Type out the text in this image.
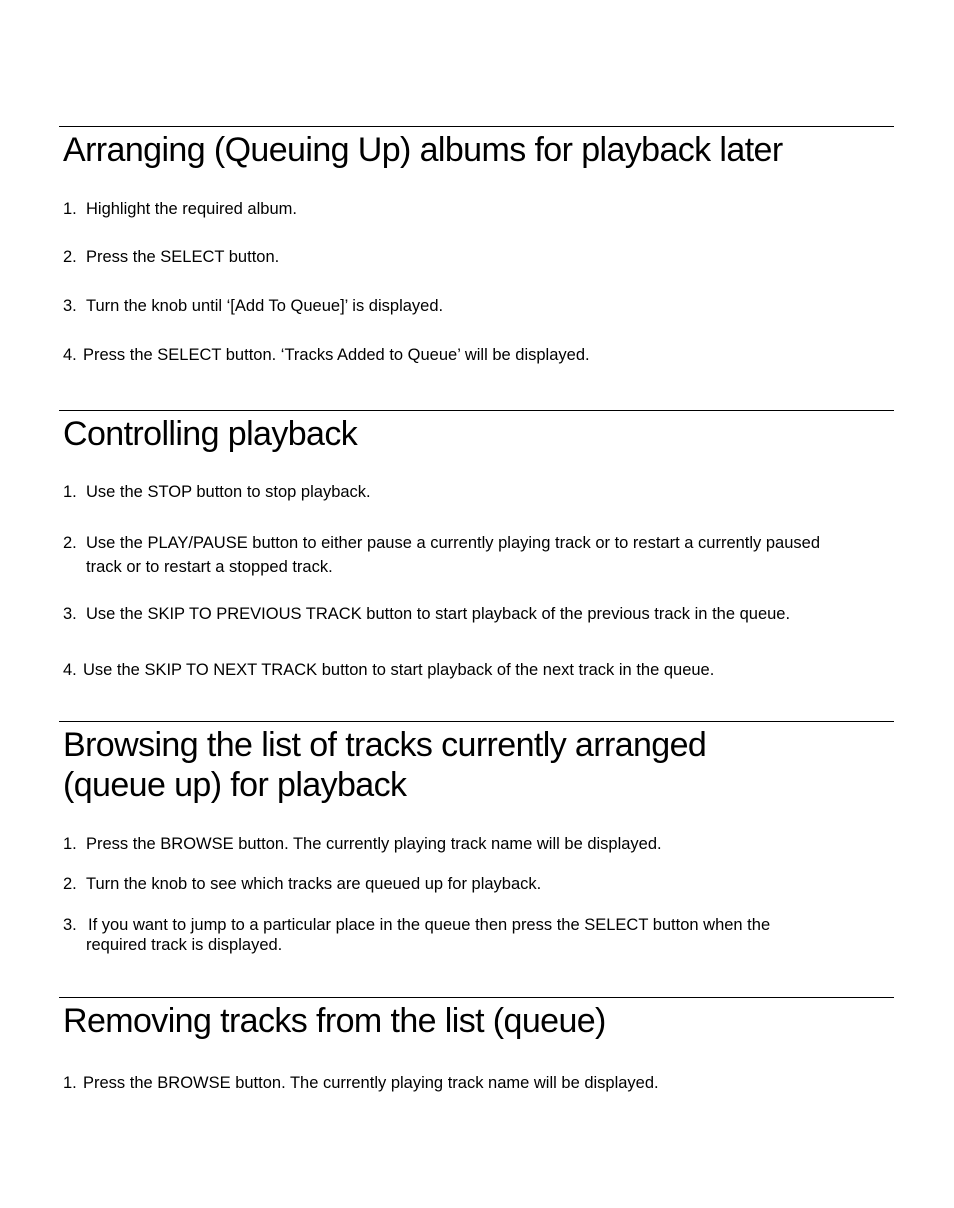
Arranging (Queuing Up) albums for playback later
1. Highlight the required album.
2. Press the SELECT button.
3. Turn the knob until ‘[Add To Queue]’ is displayed.
4. Press the SELECT button. ‘Tracks Added to Queue’ will be displayed.
Controlling playback
1. Use the STOP button to stop playback.
2. Use the PLAY/PAUSE button to either pause a currently playing track or to restart a currently paused
track or to restart a stopped track.
3. Use the SKIP TO PREVIOUS TRACK button to start playback of the previous track in the queue.
4. Use the SKIP TO NEXT TRACK button to start playback of the next track in the queue.
Browsing the list of tracks currently arranged
(queue up) for playback
1. Press the BROWSE button. The currently playing track name will be displayed.
2. Turn the knob to see which tracks are queued up for playback.
3. If you want to jump to a particular place in the queue then press the SELECT button when the
required track is displayed.
Removing tracks from the list (queue)
1. Press the BROWSE button. The currently playing track name will be displayed.
